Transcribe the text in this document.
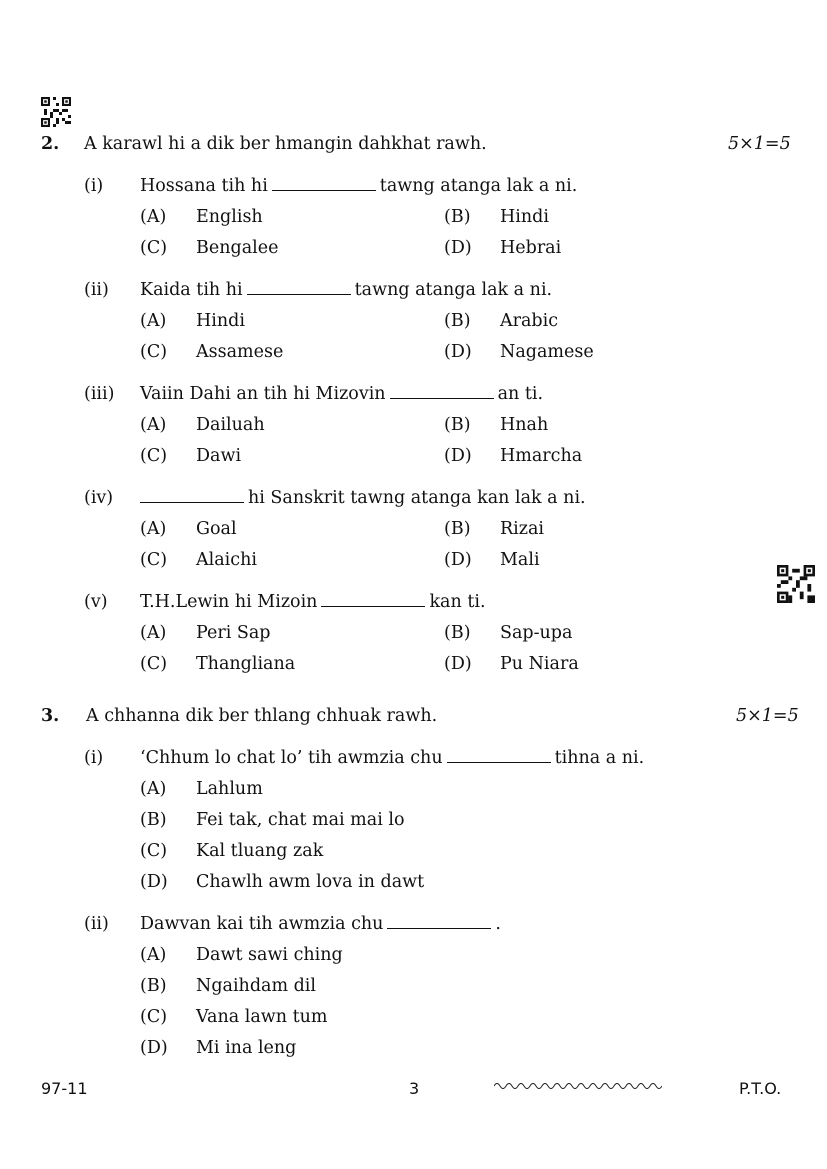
2. A karawl hi a dik ber hmangin dahkhat rawh.	5×1=5
(i) Hossana tih hi	tawng atanga lak a ni.
(A) English	(B) Hindi
(C) Bengalee	(D) Hebrai
(ii) Kaida tih hi	tawng atanga lak a ni.
(A) Hindi	(B) Arabic
(C) Assamese	(D) Nagamese
(iii) Vaiin Dahi an tih hi Mizovin	an ti.
(A) Dailuah	(B) Hnah
(C) Dawi	(D) Hmarcha
(iv)	hi Sanskrit tawng atanga kan lak a ni.
(A) Goal	(B) Rizai
(C) Alaichi	(D) Mali
(v) T.H.Lewin hi Mizoin	kan ti.
(A) Peri Sap	(B) Sap-upa
(C) Thangliana	(D) Pu Niara
3. A chhanna dik ber thlang chhuak rawh.	5×1=5
(i) ‘Chhum lo chat lo’ tih awmzia chu	tihna a ni.
(A) Lahlum
(B) Fei tak, chat mai mai lo
(C) Kal tluang zak
(D) Chawlh awm lova in dawt
(ii) Dawvan kai tih awmzia chu	.
(A) Dawt sawi ching
(B) Ngaihdam dil
(C) Vana lawn tum
(D) Mi ina leng
97-11	3	P.T.O.
